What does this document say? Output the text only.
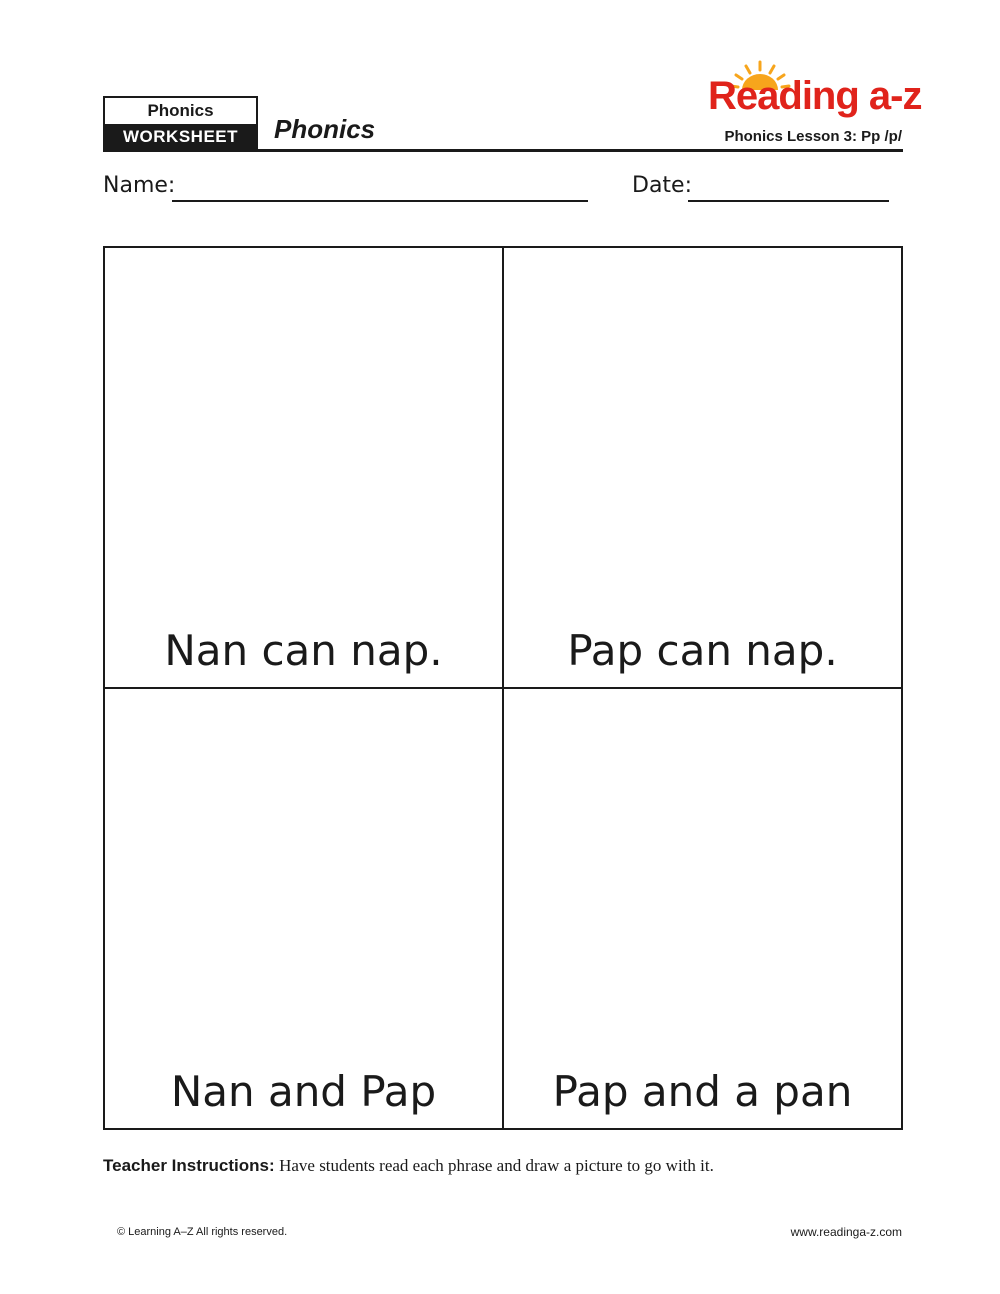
Phonics
WORKSHEET	Phonics
Reading a-z
Phonics Lesson 3: Pp /p/
Name:	Date:
Nan can nap.	Pap can nap.
Nan and Pap	Pap and a pan
Teacher Instructions: Have students read each phrase and draw a picture to go with it.
© Learning A–Z All rights reserved.	www.readinga-z.com
